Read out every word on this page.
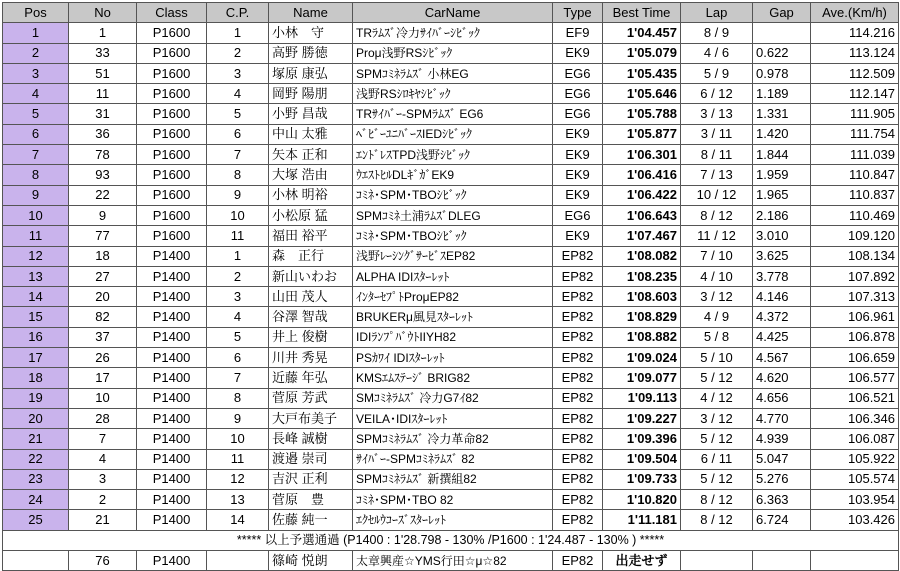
Pos	No	Class	C.P.	Name	CarName	Type	Best Time	Lap	Gap	Ave.(Km/h)
1	1	P1600	1	小林　守	TRﾗﾑｽﾞ冷力ｻｲﾊﾞｰｼﾋﾞｯｸ	EF9	1'04.457	8 / 9		114.216
2	33	P1600	2	高野 勝徳	Proμ浅野RSｼﾋﾞｯｸ	EK9	1'05.079	4 / 6	0.622	113.124
3	51	P1600	3	塚原 康弘	SPMｺﾐﾈﾗﾑｽﾞ 小林EG	EG6	1'05.435	5 / 9	0.978	112.509
4	11	P1600	4	岡野 陽朋	浅野RSｼﾛｷﾔｼﾋﾞｯｸ	EG6	1'05.646	6 / 12	1.189	112.147
5	31	P1600	5	小野 昌哉	TRｻｲﾊﾞｰ-SPMﾗﾑｽﾞ EG6	EG6	1'05.788	3 / 13	1.331	111.905
6	36	P1600	6	中山 太雅	ﾍﾞﾋﾞｰﾕﾆﾊﾞｰｽIEDｼﾋﾞｯｸ	EK9	1'05.877	3 / 11	1.420	111.754
7	78	P1600	7	矢本 正和	ｴﾝﾄﾞﾚｽTPD浅野ｼﾋﾞｯｸ	EK9	1'06.301	8 / 11	1.844	111.039
8	93	P1600	8	大塚 浩由	ｳｴｽﾄﾋﾙDLｷﾞｶﾞEK9	EK9	1'06.416	7 / 13	1.959	110.847
9	22	P1600	9	小林 明裕	ｺﾐﾈ･SPM･TBOｼﾋﾞｯｸ	EK9	1'06.422	10 / 12	1.965	110.837
10	9	P1600	10	小松原 猛	SPMｺﾐﾈ土浦ﾗﾑｽﾞDLEG	EG6	1'06.643	8 / 12	2.186	110.469
11	77	P1600	11	福田 裕平	ｺﾐﾈ･SPM･TBOｼﾋﾞｯｸ	EK9	1'07.467	11 / 12	3.010	109.120
12	18	P1400	1	森　正行	浅野ﾚｰｼﾝｸﾞｻｰﾋﾞｽEP82	EP82	1'08.082	7 / 10	3.625	108.134
13	27	P1400	2	新山いわお	ALPHA IDIｽﾀｰﾚｯﾄ	EP82	1'08.235	4 / 10	3.778	107.892
14	20	P1400	3	山田 茂人	ｲﾝﾀｰｾﾌﾟﾄProμEP82	EP82	1'08.603	3 / 12	4.146	107.313
15	82	P1400	4	谷澤 智哉	BRUKERμ風見ｽﾀｰﾚｯﾄ	EP82	1'08.829	4 / 9	4.372	106.961
16	37	P1400	5	井上 俊樹	IDIﾗﾝﾌﾟﾊﾞｳﾄIIYH82	EP82	1'08.882	5 / 8	4.425	106.878
17	26	P1400	6	川井 秀晃	PSｶﾜｲ IDIｽﾀｰﾚｯﾄ	EP82	1'09.024	5 / 10	4.567	106.659
18	17	P1400	7	近藤 年弘	KMSｴﾑｽﾃｰｼﾞ BRIG82	EP82	1'09.077	5 / 12	4.620	106.577
19	10	P1400	8	菅原 芳武	SMｺﾐﾈﾗﾑｽﾞ 冷力G7ｲ82	EP82	1'09.113	4 / 12	4.656	106.521
20	28	P1400	9	大戸布美子	VEILA･IDIｽﾀｰﾚｯﾄ	EP82	1'09.227	3 / 12	4.770	106.346
21	7	P1400	10	長峰 誠樹	SPMｺﾐﾈﾗﾑｽﾞ 冷力革命82	EP82	1'09.396	5 / 12	4.939	106.087
22	4	P1400	11	渡邉 崇司	ｻｲﾊﾞｰ-SPMｺﾐﾈﾗﾑｽﾞ 82	EP82	1'09.504	6 / 11	5.047	105.922
23	3	P1400	12	吉沢 正利	SPMｺﾐﾈﾗﾑｽﾞ 新撰組82	EP82	1'09.733	5 / 12	5.276	105.574
24	2	P1400	13	菅原　豊	ｺﾐﾈ･SPM･TBO 82	EP82	1'10.820	8 / 12	6.363	103.954
25	21	P1400	14	佐藤 純一	ｴｸｾﾙｳｺｰｽﾞｽﾀｰﾚｯﾄ	EP82	1'11.181	8 / 12	6.724	103.426
***** 以上予選通過 (P1400 : 1'28.798 - 130% /P1600 : 1'24.487 - 130% ) *****										
	76	P1400		篠崎 悦朗	太章興産☆YMS行田☆μ☆82	EP82	出走せず			
